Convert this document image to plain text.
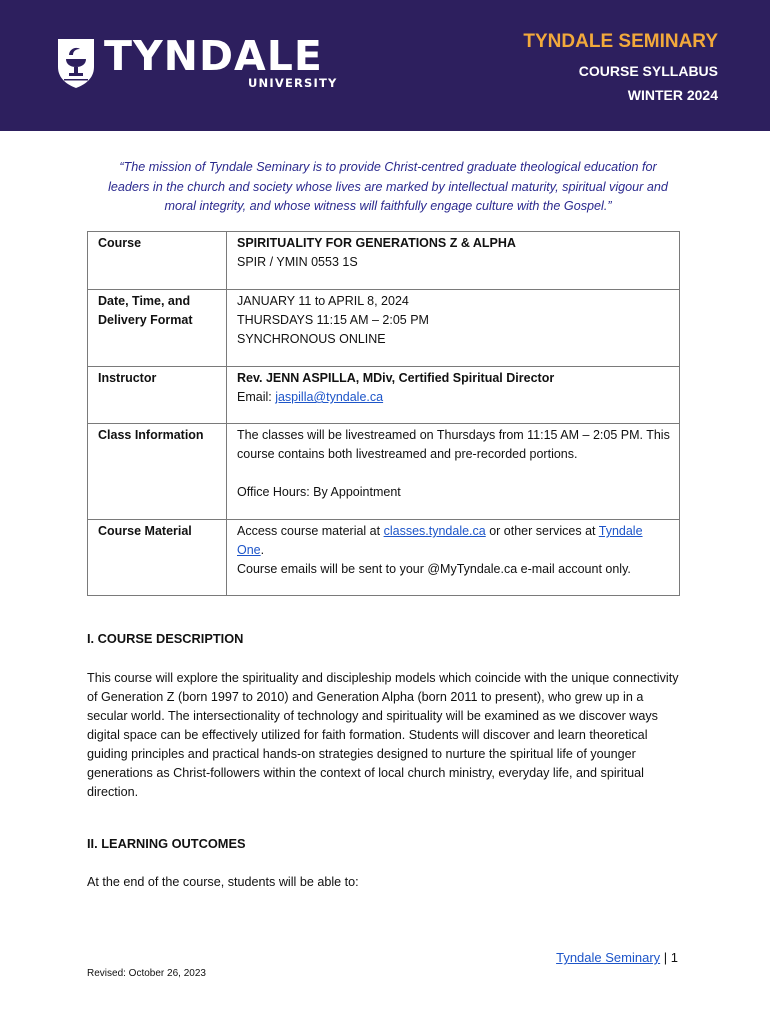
TYNDALE
UNIVERSITY
TYNDALE SEMINARY
COURSE SYLLABUS
WINTER 2024
“The mission of Tyndale Seminary is to provide Christ-centred graduate theological education for leaders in the church and society whose lives are marked by intellectual maturity, spiritual vigour and moral integrity, and whose witness will faithfully engage culture with the Gospel.”
Course	SPIRITUALITY FOR GENERATIONS Z & ALPHA
SPIR / YMIN 0553 1S

Date, Time, and Delivery Format	JANUARY 11 to APRIL 8, 2024
THURSDAYS 11:15 AM – 2:05 PM
SYNCHRONOUS ONLINE

Instructor	Rev. JENN ASPILLA, MDiv, Certified Spiritual Director
Email: jaspilla@tyndale.ca

Class Information	The classes will be livestreamed on Thursdays from 11:15 AM – 2:05 PM. This course contains both livestreamed and pre-recorded portions.
Office Hours: By Appointment

Course Material	Access course material at classes.tyndale.ca or other services at Tyndale One.
Course emails will be sent to your @MyTyndale.ca e-mail account only.
I. COURSE DESCRIPTION
This course will explore the spirituality and discipleship models which coincide with the unique connectivity of Generation Z (born 1997 to 2010) and Generation Alpha (born 2011 to present), who grew up in a secular world. The intersectionality of technology and spirituality will be examined as we discover ways digital space can be effectively utilized for faith formation. Students will discover and learn theoretical guiding principles and practical hands-on strategies designed to nurture the spiritual life of younger generations as Christ-followers within the context of local church ministry, everyday life, and spiritual direction.
II. LEARNING OUTCOMES
At the end of the course, students will be able to:
Tyndale Seminary | 1
Revised: October 26, 2023
